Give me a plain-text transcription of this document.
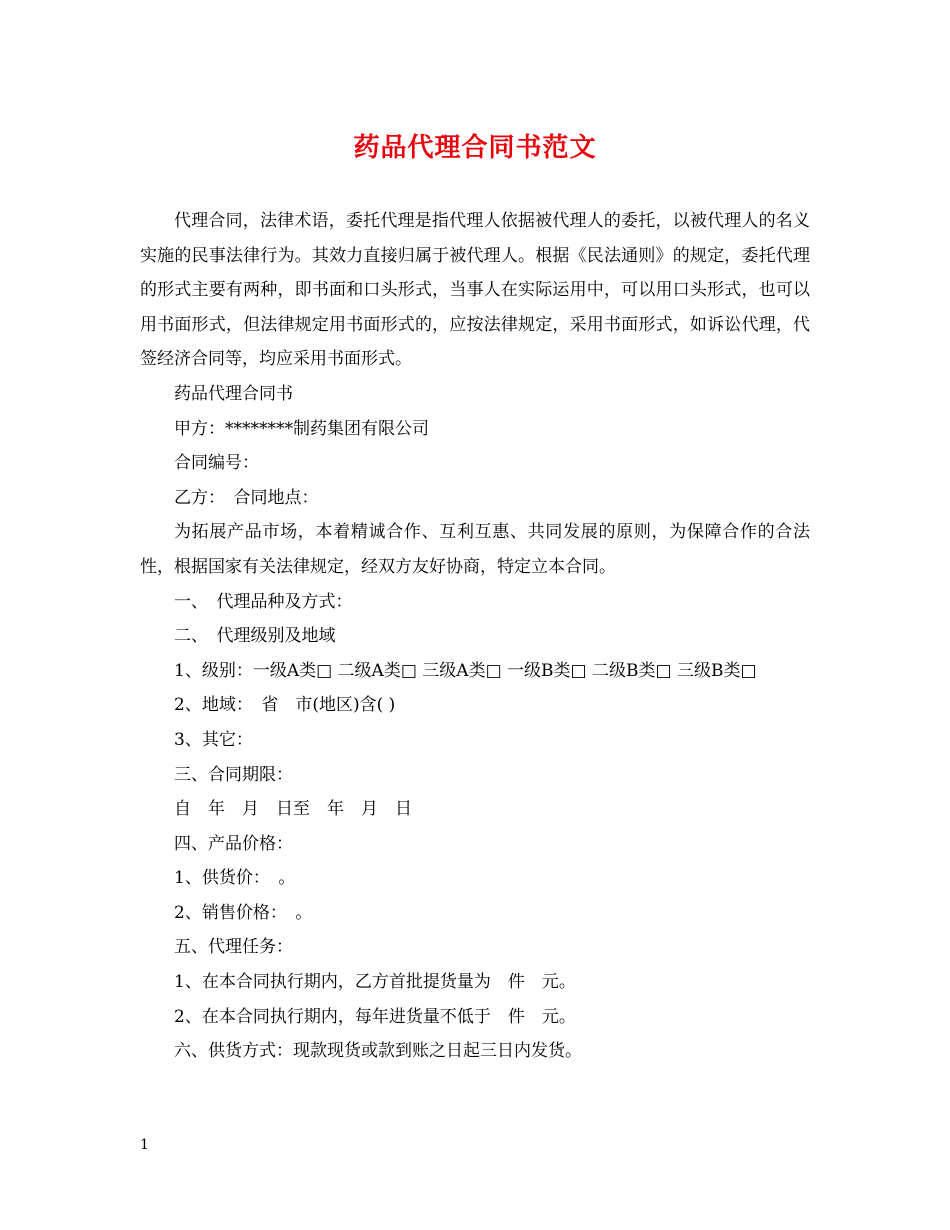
药品代理合同书范文

代理合同，法律术语，委托代理是指代理人依据被代理人的委托，以被代理人的名义实施的民事法律行为。其效力直接归属于被代理人。根据《民法通则》的规定，委托代理的形式主要有两种，即书面和口头形式，当事人在实际运用中，可以用口头形式，也可以用书面形式，但法律规定用书面形式的，应按法律规定，采用书面形式，如诉讼代理，代签经济合同等，均应采用书面形式。

药品代理合同书

甲方：********制药集团有限公司

合同编号：

乙方：　合同地点：

为拓展产品市场，本着精诚合作、互利互惠、共同发展的原则，为保障合作的合法性，根据国家有关法律规定，经双方友好协商，特定立本合同。

一、　代理品种及方式：

二、　代理级别及地域

1、级别：一级A类□ 二级A类□ 三级A类□ 一级B类□ 二级B类□ 三级B类□

2、地域：　省　市(地区)含( )

3、其它：

三、合同期限：

自　年　月　日至　年　月　日

四、产品价格：

1、供货价：　。

2、销售价格：　。

五、代理任务：

1、在本合同执行期内，乙方首批提货量为　件　元。

2、在本合同执行期内，每年进货量不低于　件　元。

六、供货方式：现款现货或款到账之日起三日内发货。

1
